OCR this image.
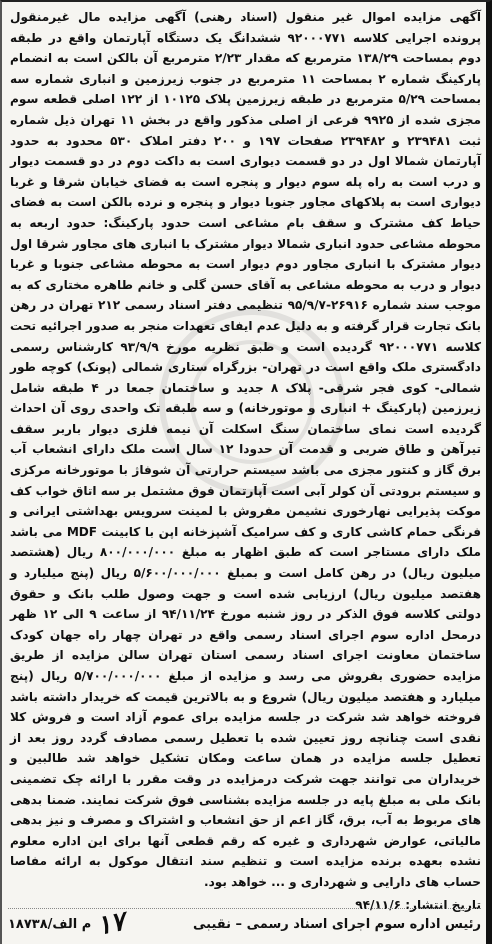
آگهی مزایده اموال غیر منقول (اسناد رهنی) آگهی مزایده مال غیرمنقول پرونده اجرایی کلاسه ۹۲۰۰۰۷۷۱ ششدانگ یک دستگاه آپارتمان واقع در طبقه دوم بمساحت ۱۳۸/۲۹ مترمربع که مقدار ۲/۲۳ مترمربع آن بالکن است به انضمام پارکینگ شماره ۲ بمساحت ۱۱ مترمربع در جنوب زیرزمین و انباری شماره سه بمساحت ۵/۲۹ مترمربع در طبقه زیرزمین پلاک ۱۰۱۲۵ از ۱۲۲ اصلی قطعه سوم مجزی شده از ۹۹۲۵ فرعی از اصلی مذکور واقع در بخش ۱۱ تهران ذیل شماره ثبت ۲۳۹۴۸۱ و ۲۳۹۴۸۲ صفحات ۱۹۷ و ۲۰۰ دفتر املاک ۵۳۰ محدود به حدود آپارتمان شمالا اول در دو قسمت دیواری است به داکت دوم در دو قسمت دیوار و درب است به راه پله سوم دیوار و پنجره است به فضای خیابان شرقا و غربا دیواری است به پلاکهای مجاور جنوبا دیوار و پنجره و نرده بالکن است به فضای حیاط کف مشترک و سقف بام مشاعی است حدود پارکینگ: حدود اربعه به محوطه مشاعی حدود انباری شمالا دیوار مشترک با انباری های مجاور شرقا اول دیوار مشترک با انباری مجاور دوم دیوار است به محوطه مشاعی جنوبا و غربا دیوار و درب به محوطه مشاعی به آقای حسن گلی و خانم طاهره مختاری که به موجب سند شماره ۲۶۹۱۶-۹۵/۹/۷ تنظیمی دفتر اسناد رسمی ۲۱۲ تهران در رهن بانک تجارت قرار گرفته و به دلیل عدم ایفای تعهدات منجر به صدور اجرائیه تحت کلاسه ۹۲۰۰۰۷۷۱ گردیده است و طبق نظریه مورخ ۹۳/۹/۹ کارشناس رسمی دادگستری ملک واقع است در تهران- بزرگراه ستاری شمالی (پونک) کوچه طور شمالی- کوی فجر شرقی- پلاک ۸ جدید و ساختمان جمعا در ۴ طبقه شامل زیرزمین (پارکینگ + انباری و موتورخانه) و سه طبقه تک واحدی روی آن احداث گردیده است نمای ساختمان سنگ اسکلت آن نیمه فلزی دیوار باربر سقف تیرآهن و طاق ضربی و قدمت آن حدودا ۱۲ سال است ملک دارای انشعاب آب برق گاز و کنتور مجزی می باشد سیستم حرارتی آن شوفاژ با موتورخانه مرکزی و سیستم برودتی آن کولر آبی است آپارتمان فوق مشتمل بر سه اتاق خواب کف موکت پذیرایی نهارخوری نشیمن مفروش با لمینت سرویس بهداشتی ایرانی و فرنگی حمام کاشی کاری و کف سرامیک آشپزخانه اپن با کابینت MDF می باشد ملک دارای مستاجر است که طبق اظهار به مبلغ ۸۰۰/۰۰۰/۰۰۰ ریال (هشتصد میلیون ریال) در رهن کامل است و بمبلغ ۵/۶۰۰/۰۰۰/۰۰۰ ریال (پنج میلیارد و هفتصد میلیون ریال) ارزیابی شده است و جهت وصول طلب بانک و حقوق دولتی کلاسه فوق الذکر در روز شنبه مورخ ۹۴/۱۱/۲۴ از ساعت ۹ الی ۱۲ ظهر درمحل اداره سوم اجرای اسناد رسمی واقع در تهران چهار راه جهان کودک ساختمان معاونت اجرای اسناد رسمی استان تهران سالن مزایده از طریق مزایده حضوری بفروش می رسد و مزایده از مبلغ ۵/۷۰۰/۰۰۰/۰۰۰ ریال (پنج میلیارد و هفتصد میلیون ریال) شروع و به بالاترین قیمت که خریدار داشته باشد فروخته خواهد شد شرکت در جلسه مزایده برای عموم آزاد است و فروش کلا نقدی است چنانچه روز تعیین شده با تعطیل رسمی مصادف گردد روز بعد از تعطیل جلسه مزایده در همان ساعت ومکان تشکیل خواهد شد طالبین و خریداران می توانند جهت شرکت درمزایده در وقت مقرر با ارائه چک تضمینی بانک ملی به مبلغ پایه در جلسه مزایده بشناسی فوق شرکت نمایند. ضمنا بدهی های مربوط به آب، برق، گاز اعم از حق انشعاب و اشتراک و مصرف و نیز بدهی مالیاتی، عوارض شهرداری و غیره که رقم قطعی آنها برای این اداره معلوم نشده بعهده برنده مزایده است و تنظیم سند انتقال موکول به ارائه مفاصا حساب های دارایی و شهرداری و ... خواهد بود.
تاریخ انتشار: ۹۴/۱۱/۶

رئیس اداره سوم اجرای اسناد رسمی – نقیبی
۱۸۷۳۸/م الف ۱۷
